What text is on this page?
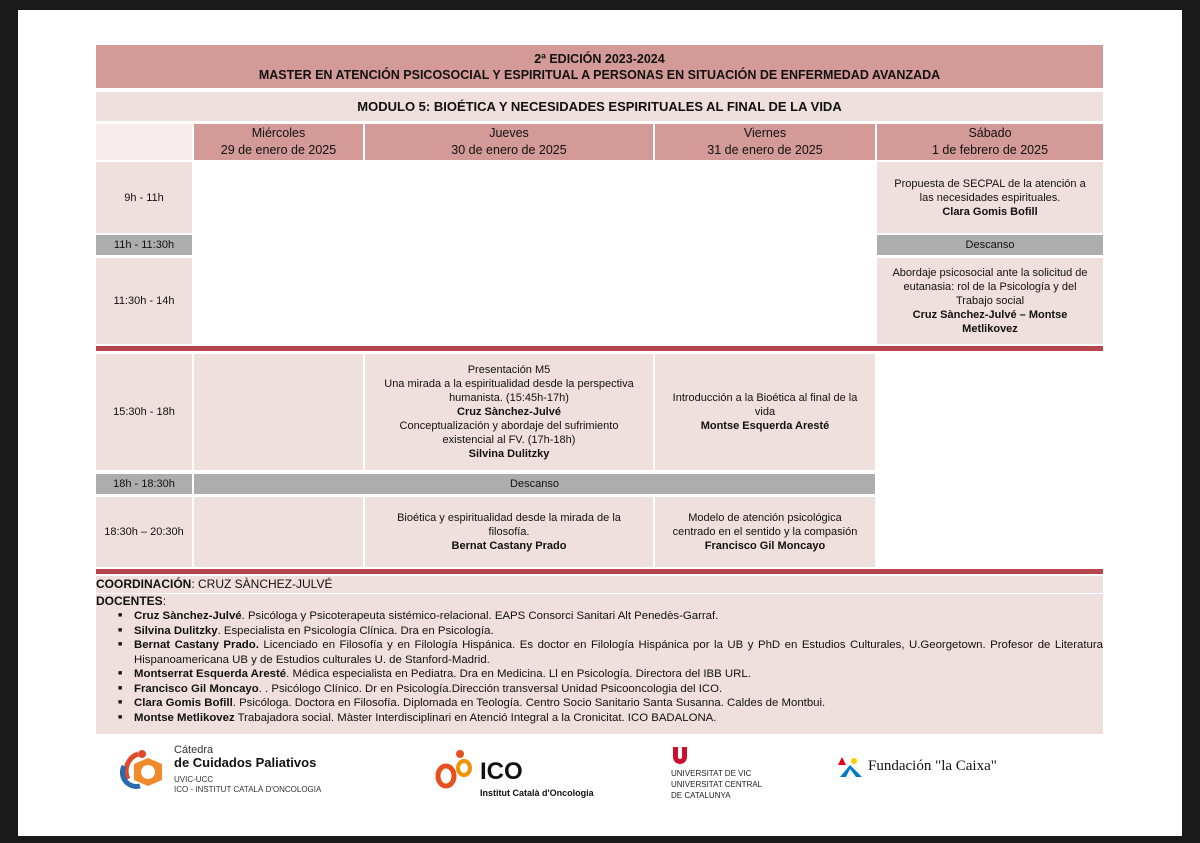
2ª EDICIÓN 2023-2024
MASTER EN ATENCIÓN PSICOSOCIAL Y ESPIRITUAL A PERSONAS EN SITUACIÓN DE ENFERMEDAD AVANZADA
MODULO 5: BIOÉTICA Y NECESIDADES ESPIRITUALES AL FINAL DE LA VIDA
Miércoles
29 de enero de 2025
Jueves
30 de enero de 2025
Viernes
31 de enero de 2025
Sábado
1 de febrero de 2025
9h - 11h
Propuesta de SECPAL de la atención a las necesidades espirituales.
Clara Gomis Bofill
11h - 11:30h	Descanso
11:30h - 14h
Abordaje psicosocial ante la solicitud de eutanasia: rol de la Psicología y del Trabajo social
Cruz Sànchez-Julvé – Montse Metlikovez
15:30h - 18h
Presentación M5
Una mirada a la espiritualidad desde la perspectiva humanista. (15:45h-17h)
Cruz Sànchez-Julvé
Conceptualización y abordaje del sufrimiento existencial al FV. (17h-18h)
Silvina Dulitzky
Introducción a la Bioética al final de la vida
Montse Esquerda Aresté
18h - 18:30h	Descanso
18:30h – 20:30h
Bioética y espiritualidad desde la mirada de la filosofía.
Bernat Castany Prado
Modelo de atención psicológica centrado en el sentido y la compasión
Francisco Gil Moncayo
COORDINACIÓN: CRUZ SÀNCHEZ-JULVÉ
DOCENTES:
■ Cruz Sànchez-Julvé. Psicóloga y Psicoterapeuta sistémico-relacional. EAPS Consorci Sanitari Alt Penedès-Garraf.
■ Silvina Dulitzky. Especialista en Psicología Clínica. Dra en Psicología.
■ Bernat Castany Prado. Licenciado en Filosofía y en Filología Hispánica. Es doctor en Filología Hispánica por la UB y PhD en Estudios Culturales, U.Georgetown. Profesor de Literatura Hispanoamericana UB y de Estudios culturales U. de Stanford-Madrid.
■ Montserrat Esquerda Aresté. Médica especialista en Pediatra. Dra en Medicina. Ll en Psicología. Directora del IBB URL.
■ Francisco Gil Moncayo. . Psicólogo Clínico. Dr en Psicología.Dirección transversal Unidad Psicooncologia del ICO.
■ Clara Gomis Bofill. Psicóloga. Doctora en Filosofía. Diplomada en Teología. Centro Socio Sanitario Santa Susanna. Caldes de Montbui.
■ Montse Metlikovez Trabajadora social. Màster Interdisciplinari en Atenció Integral a la Cronicitat. ICO BADALONA.
Cátedra
de Cuidados Paliativos
UVIC-UCC
ICO - INSTITUT CATALÀ D'ONCOLOGIA
ICO
Institut Català d'Oncologia
UNIVERSITAT DE VIC
UNIVERSITAT CENTRAL
DE CATALUNYA
Fundación "la Caixa"
